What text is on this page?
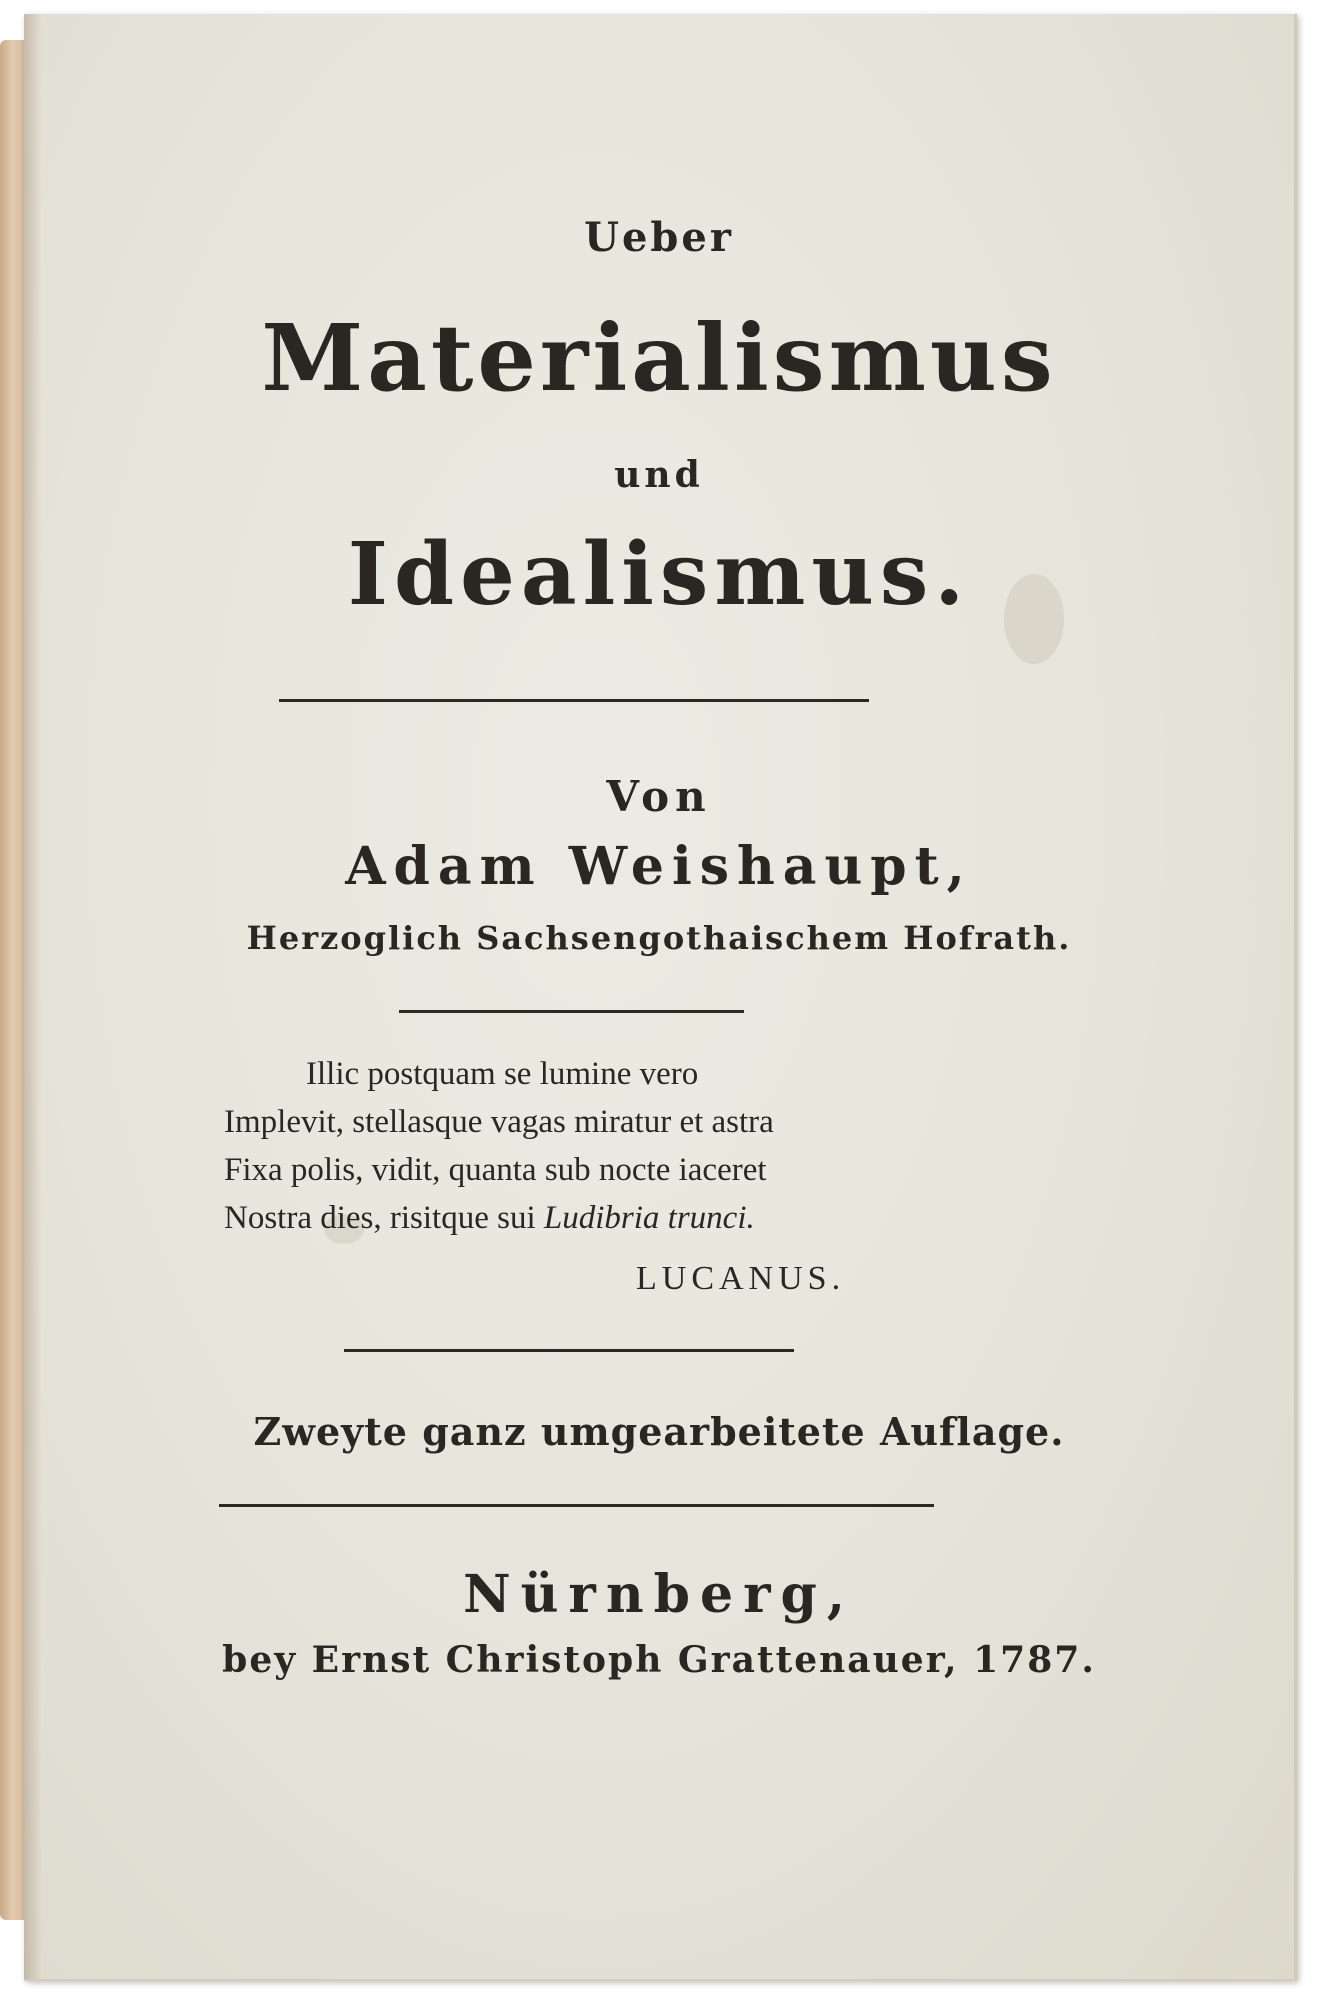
Ueber
Materialismus
und
Idealismus.
Von
Adam Weishaupt,
Herzoglich Sachsengothaischem Hofrath.
Illic postquam se lumine vero
Implevit, stellasque vagas miratur et astra
Fixa polis, vidit, quanta sub nocte iaceret
Nostra dies, risitque sui Ludibria trunci.
LUCANUS.
Zweyte ganz umgearbeitete Auflage.
Nürnberg,
bey Ernst Christoph Grattenauer, 1787.
